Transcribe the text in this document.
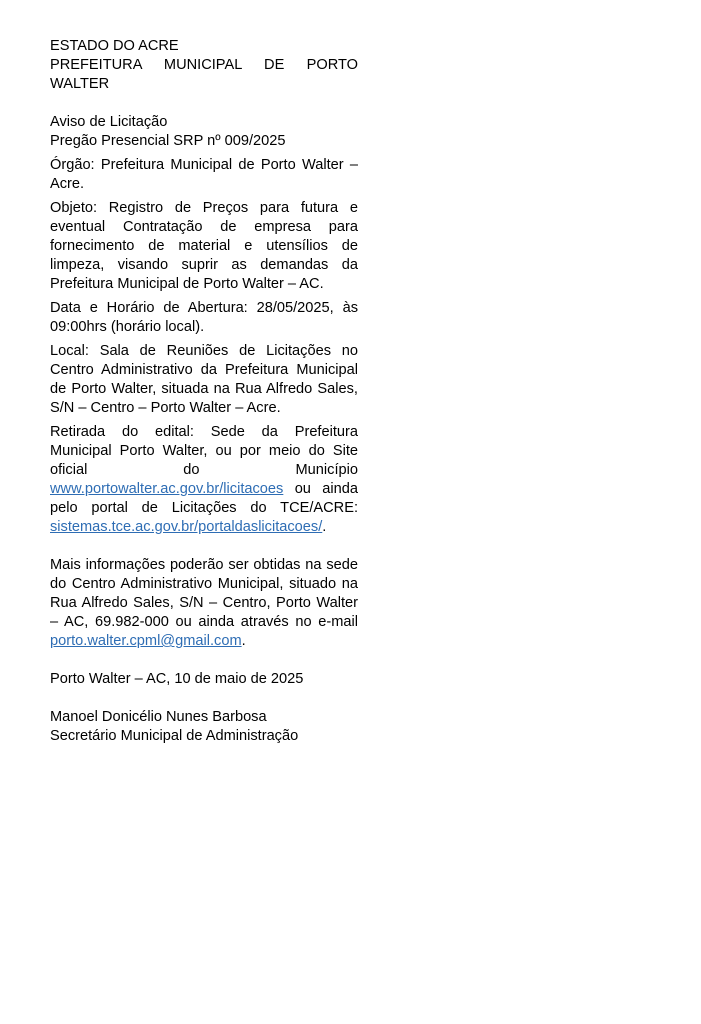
ESTADO DO ACRE
PREFEITURA MUNICIPAL DE PORTO WALTER
Aviso de Licitação
Pregão Presencial SRP nº 009/2025

Órgão: Prefeitura Municipal de Porto Walter – Acre.

Objeto: Registro de Preços para futura e eventual Contratação de empresa para fornecimento de material e utensílios de limpeza, visando suprir as demandas da Prefeitura Municipal de Porto Walter – AC.

Data e Horário de Abertura: 28/05/2025, às 09:00hrs (horário local).

Local: Sala de Reuniões de Licitações no Centro Administrativo da Prefeitura Municipal de Porto Walter, situada na Rua Alfredo Sales, S/N – Centro – Porto Walter – Acre.

Retirada do edital: Sede da Prefeitura Municipal Porto Walter, ou por meio do Site oficial do Município www.portowalter.ac.gov.br/licitacoes ou ainda pelo portal de Licitações do TCE/ACRE: sistemas.tce.ac.gov.br/portaldaslicitacoes/.

Mais informações poderão ser obtidas na sede do Centro Administrativo Municipal, situado na Rua Alfredo Sales, S/N – Centro, Porto Walter – AC, 69.982-000 ou ainda através no e-mail porto.walter.cpml@gmail.com.

Porto Walter – AC, 10 de maio de 2025

Manoel Donicélio Nunes Barbosa
Secretário Municipal de Administração
